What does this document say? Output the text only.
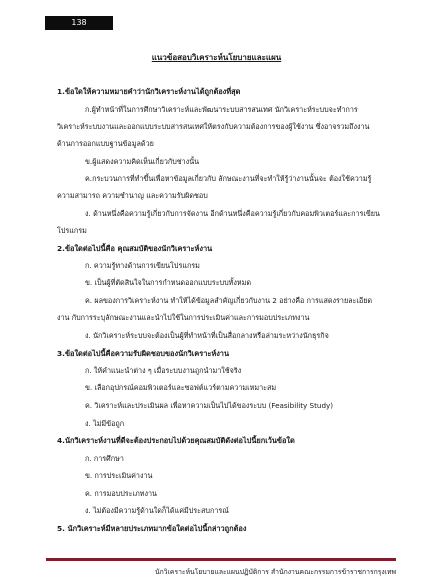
138
แนวข้อสอบวิเคราะห์นโยบายและแผน
1.ข้อใดให้ความหมายคำว่านักวิเคราะห์งานได้ถูกต้องที่สุด
ก.ผู้ทำหน้าที่ในการศึกษาวิเคราะห์และพัฒนาระบบสารสนเทศ นักวิเคราะห์ระบบจะทำการ
วิเคราะห์ระบบงานและออกแบบระบบสารสนเทศให้ตรงกับความต้องการของผู้ใช้งาน ซึ่งอาจรวมถึงงาน
ด้านการออกแบบฐานข้อมูลด้วย
ข.ผู้แสดงความคิดเห็นเกี่ยวกับช่างนั้น
ค.กระบวนการที่ทำขึ้นเพื่อหาข้อมูลเกี่ยวกับ ลักษณะงานที่จะทำให้รู้ว่างานนั้นจะ ต้องใช้ความรู้
ความสามารถ ความชำนาญ และความรับผิดชอบ
ง. ด้านหนึ่งคือความรู้เกี่ยวกับการจัดงาน อีกด้านหนึ่งคือความรู้เกี่ยวกับคอมพิวเตอร์และการเขียน
โปรแกรม
2.ข้อใดต่อไปนี้คือ คุณสมบัติของนักวิเคราะห์งาน
ก. ความรู้ทางด้านการเขียนโปรแกรม
ข. เป็นผู้ที่ตัดสินใจในการกำหนดออกแบบระบบทั้งหมด
ค. ผลของการวิเคราะห์งาน ทำให้ได้ข้อมูลสำคัญเกี่ยวกับงาน 2 อย่างคือ การแสดงรายละเอียด
งาน กับการระบุลักษณะงานและนำไปใช้ในการประเมินค่าและการมอบประเภทงาน
ง. นักวิเคราะห์ระบบจะต้องเป็นผู้ที่ทำหน้าที่เป็นสื่อกลางหรือล่ามระหว่างนักธุรกิจ
3.ข้อใดต่อไปนี้คือความรับผิดชอบของนักวิเคราะห์งาน
ก. ให้คำแนะนำต่าง ๆ เมื่อระบบงานถูกนำมาใช้จริง
ข. เลือกอุปกรณ์คอมพิวเตอร์และซอฟต์แวร์ตามความเหมาะสม
ค. วิเคราะห์และประเมินผล เพื่อหาความเป็นไปได้ของระบบ (Feasibility Study)
ง. ไม่มีข้อถูก
4.นักวิเคราะห์งานที่ดีจะต้องประกอบไปด้วยคุณสมบัติดังต่อไปนี้ยกเว้นข้อใด
ก. การศึกษา
ข. การประเมินค่างาน
ค. การมอบประเภทงาน
ง. ไม่ต้องมีความรู้ด้านใดก็ได้แค่มีประสบการณ์
5. นักวิเคราะห์มีหลายประเภทมากข้อใดต่อไปนี้กล่าวถูกต้อง
นักวิเคราะห์นโยบายและแผนปฏิบัติการ สำนักงานคณะกรรมการข้าราชการกรุงเทพ
